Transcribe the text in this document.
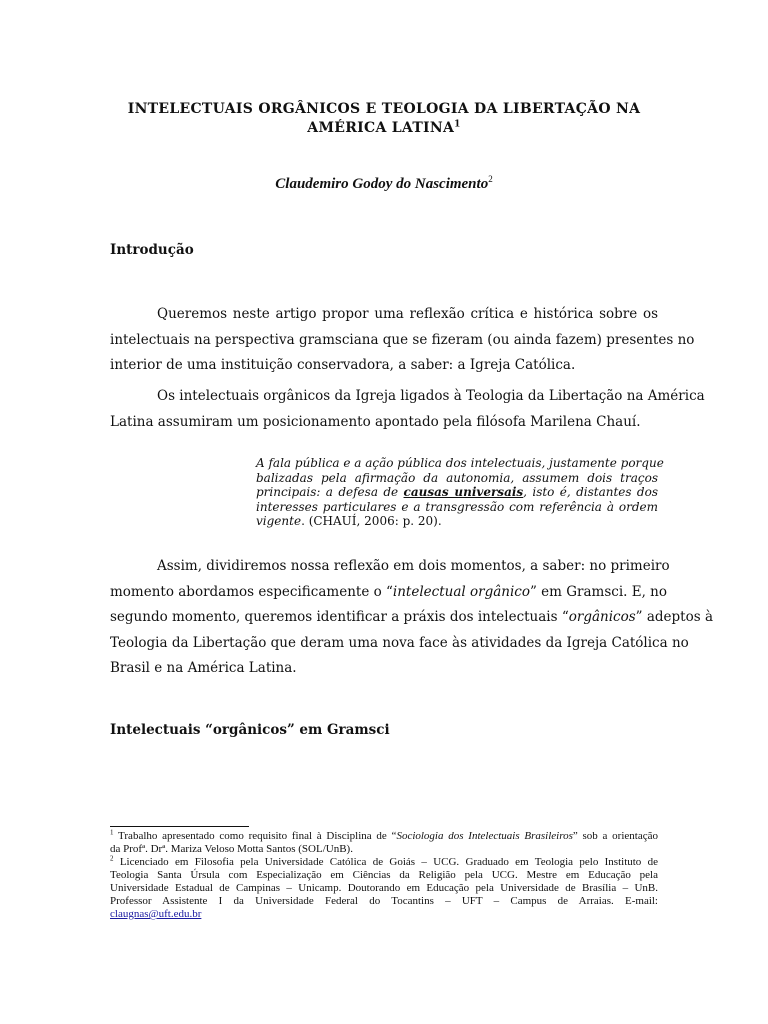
INTELECTUAIS ORGÂNICOS E TEOLOGIA DA LIBERTAÇÃO NA
AMÉRICA LATINA$^1$
Claudemiro Godoy do Nascimento$^2$
Introdução
Queremos neste artigo propor uma reflexão crítica e histórica sobre os
intelectuais na perspectiva gramsciana que se fizeram (ou ainda fazem) presentes no
interior de uma instituição conservadora, a saber: a Igreja Católica.
Os intelectuais orgânicos da Igreja ligados à Teologia da Libertação na América
Latina assumiram um posicionamento apontado pela filósofa Marilena Chauí.
A fala pública e a ação pública dos intelectuais, justamente porque
balizadas pela afirmação da autonomia, assumem dois traços
principais: a defesa de causas universais, isto é, distantes dos
interesses particulares e a transgressão com referência à ordem
vigente. (CHAUÍ, 2006: p. 20).
Assim, dividiremos nossa reflexão em dois momentos, a saber: no primeiro
momento abordamos especificamente o “intelectual orgânico” em Gramsci. E, no
segundo momento, queremos identificar a práxis dos intelectuais “orgânicos” adeptos à
Teologia da Libertação que deram uma nova face às atividades da Igreja Católica no
Brasil e na América Latina.
Intelectuais “orgânicos” em Gramsci
$^1$ Trabalho apresentado como requisito final à Disciplina de “Sociologia dos Intelectuais Brasileiros” sob a orientação
da Profª. Drª. Mariza Veloso Motta Santos (SOL/UnB).
$^2$ Licenciado em Filosofia pela Universidade Católica de Goiás – UCG. Graduado em Teologia pelo Instituto de
Teologia Santa Úrsula com Especialização em Ciências da Religião pela UCG. Mestre em Educação pela
Universidade Estadual de Campinas – Unicamp. Doutorando em Educação pela Universidade de Brasília – UnB.
Professor Assistente I da Universidade Federal do Tocantins – UFT – Campus de Arraias. E-mail:
claugnas@uft.edu.br
